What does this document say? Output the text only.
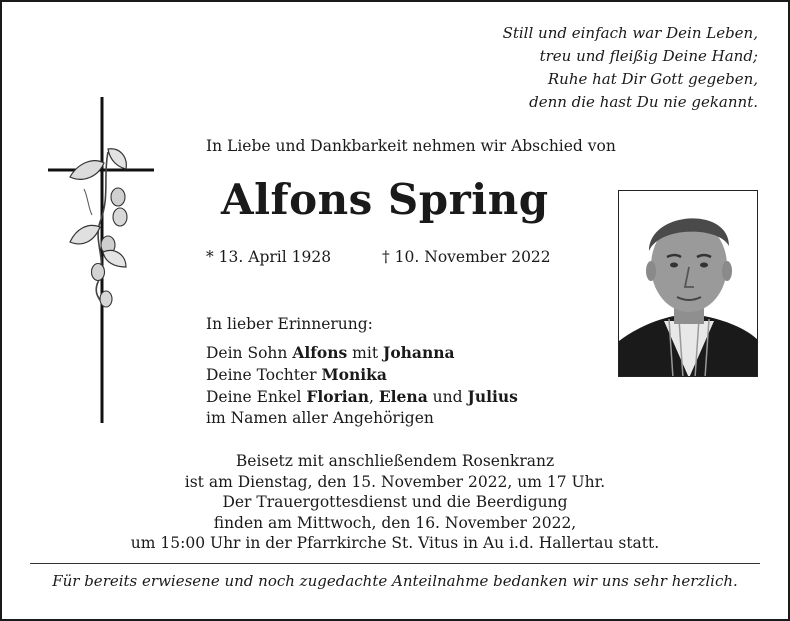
Still und einfach war Dein Leben,
treu und fleißig Deine Hand;
Ruhe hat Dir Gott gegeben,
denn die hast Du nie gekannt.
In Liebe und Dankbarkeit nehmen wir Abschied von
Alfons Spring
* 13. April 1928	† 10. November 2022
In lieber Erinnerung:
Dein Sohn Alfons mit Johanna
Deine Tochter Monika
Deine Enkel Florian, Elena und Julius
im Namen aller Angehörigen
Beisetz mit anschließendem Rosenkranz
ist am Dienstag, den 15. November 2022, um 17 Uhr.
Der Trauergottesdienst und die Beerdigung
finden am Mittwoch, den 16. November 2022,
um 15:00 Uhr in der Pfarrkirche St. Vitus in Au i.d. Hallertau statt.
Für bereits erwiesene und noch zugedachte Anteilnahme bedanken wir uns sehr herzlich.
